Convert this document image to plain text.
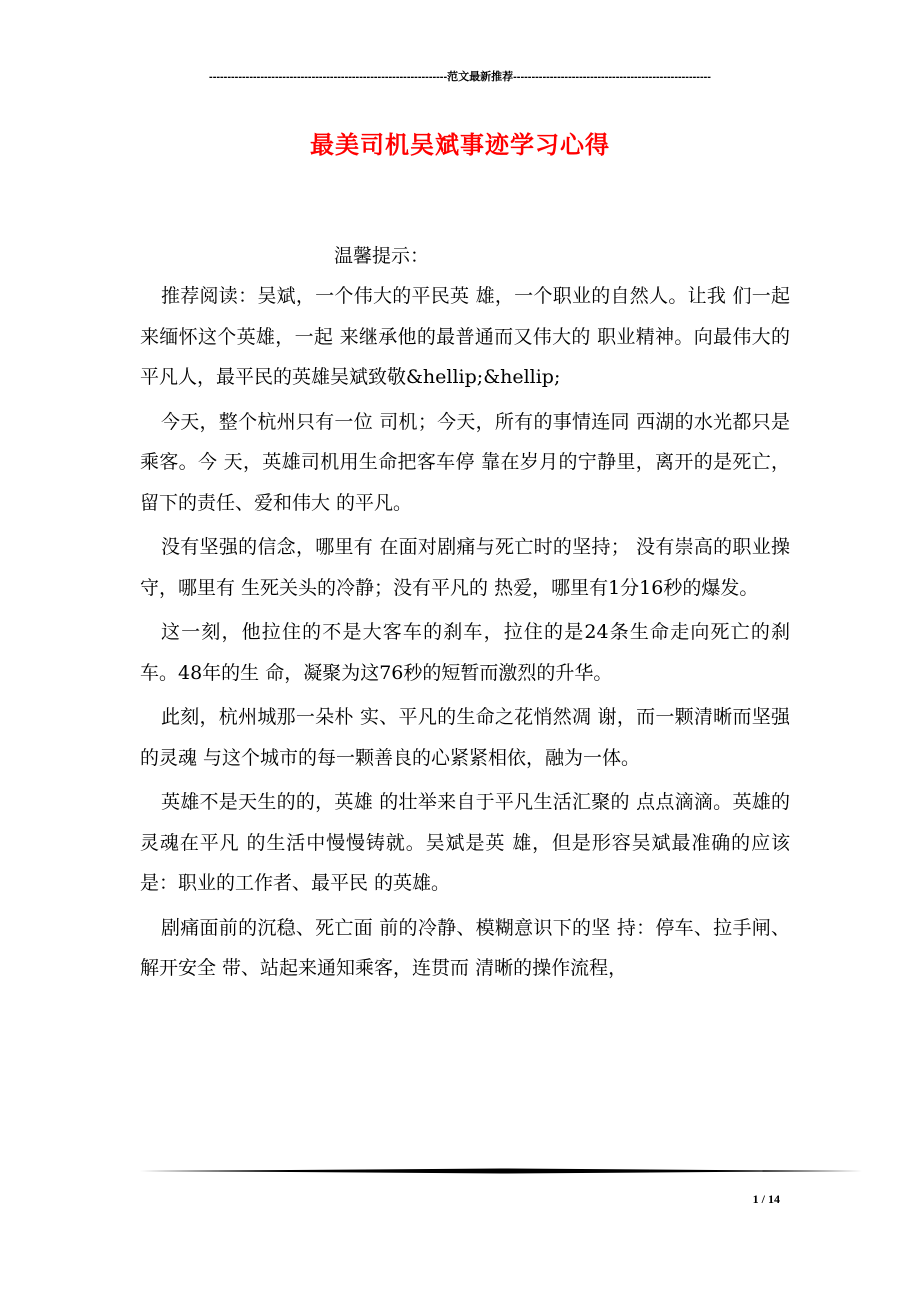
-----------------------------------------------------------------范文最新推荐------------------------------------------------------
最美司机吴斌事迹学习心得

温馨提示：

推荐阅读：吴斌，一个伟大的平民英 雄，一个职业的自然人。让我 们一起来缅怀这个英雄，一起 来继承他的最普通而又伟大的 职业精神。向最伟大的平凡人，最平民的英雄吴斌致敬&hellip;&hellip;

今天，整个杭州只有一位 司机；今天，所有的事情连同 西湖的水光都只是乘客。今 天，英雄司机用生命把客车停 靠在岁月的宁静里，离开的是死亡，留下的责任、爱和伟大 的平凡。

没有坚强的信念，哪里有 在面对剧痛与死亡时的坚持； 没有崇高的职业操守，哪里有 生死关头的冷静；没有平凡的 热爱，哪里有1分16秒的爆发。

这一刻，他拉住的不是大客车的刹车，拉住的是24条生命走向死亡的刹车。48年的生 命，凝聚为这76秒的短暂而激烈的升华。

此刻，杭州城那一朵朴 实、平凡的生命之花悄然凋 谢，而一颗清晰而坚强的灵魂 与这个城市的每一颗善良的心紧紧相依，融为一体。

英雄不是天生的的，英雄 的壮举来自于平凡生活汇聚的 点点滴滴。英雄的灵魂在平凡 的生活中慢慢铸就。吴斌是英 雄，但是形容吴斌最准确的应该是：职业的工作者、最平民 的英雄。

剧痛面前的沉稳、死亡面 前的冷静、模糊意识下的坚 持：停车、拉手闸、解开安全 带、站起来通知乘客，连贯而 清晰的操作流程，

1 / 14
